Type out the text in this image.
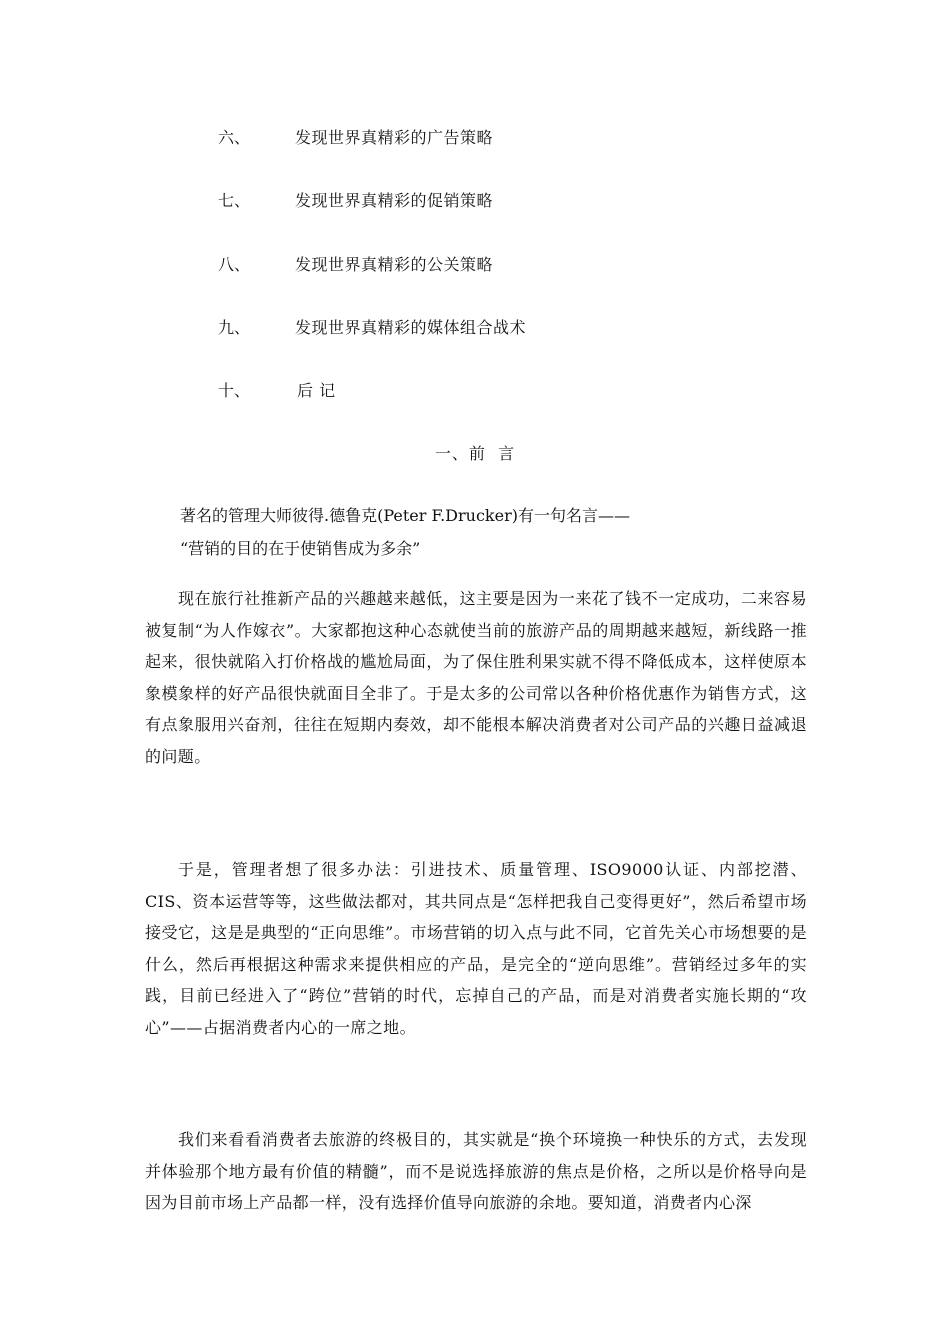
六、	发现世界真精彩的广告策略
七、	发现世界真精彩的促销策略
八、	发现世界真精彩的公关策略
九、	发现世界真精彩的媒体组合战术
十、	后 记
一、前  言
著名的管理大师彼得.德鲁克(Peter F.Drucker)有一句名言——
“营销的目的在于使销售成为多余”

现在旅行社推新产品的兴趣越来越低，这主要是因为一来花了钱不一定成功，二来容易被复制“为人作嫁衣”。大家都抱这种心态就使当前的旅游产品的周期越来越短，新线路一推起来，很快就陷入打价格战的尴尬局面，为了保住胜利果实就不得不降低成本，这样使原本象模象样的好产品很快就面目全非了。于是太多的公司常以各种价格优惠作为销售方式，这有点象服用兴奋剂，往往在短期内奏效，却不能根本解决消费者对公司产品的兴趣日益减退的问题。

于是，管理者想了很多办法：引进技术、质量管理、ISO9000认证、内部挖潜、CIS、资本运营等等，这些做法都对，其共同点是“怎样把我自己变得更好”，然后希望市场接受它，这是是典型的“正向思维”。市场营销的切入点与此不同，它首先关心市场想要的是什么，然后再根据这种需求来提供相应的产品，是完全的“逆向思维”。营销经过多年的实践，目前已经进入了“跨位”营销的时代，忘掉自己的产品，而是对消费者实施长期的“攻心”——占据消费者内心的一席之地。

我们来看看消费者去旅游的终极目的，其实就是“换个环境换一种快乐的方式，去发现并体验那个地方最有价值的精髓”，而不是说选择旅游的焦点是价格，之所以是价格导向是因为目前市场上产品都一样，没有选择价值导向旅游的余地。要知道，消费者内心深
